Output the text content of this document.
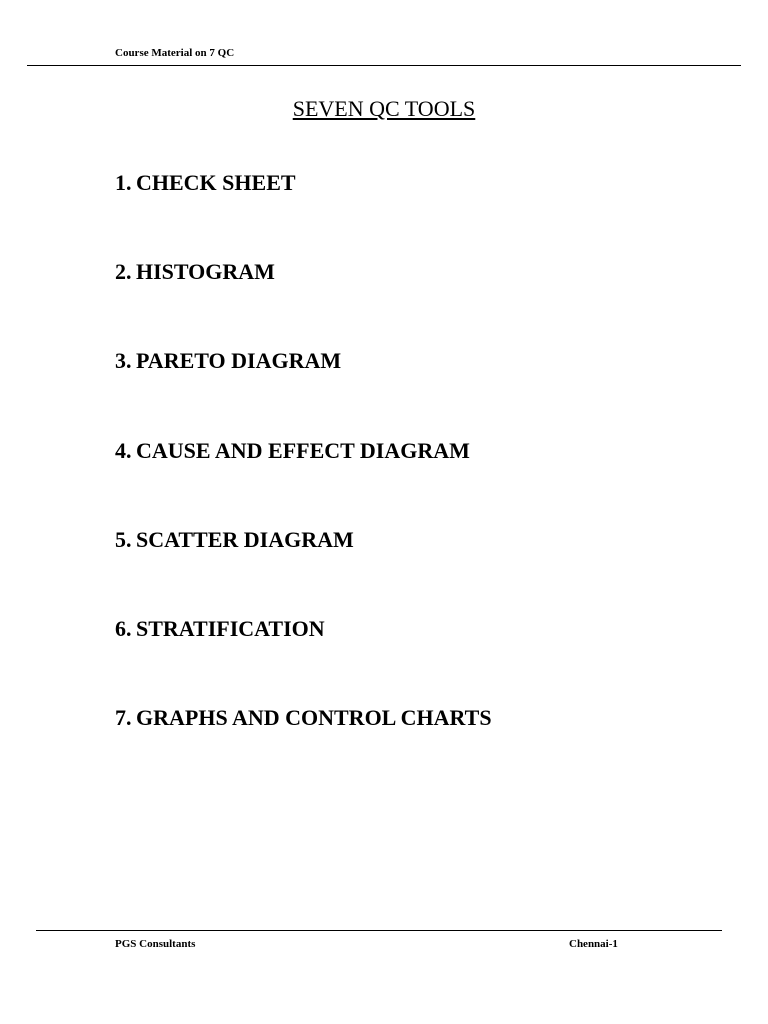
Course Material on 7 QC
SEVEN QC TOOLS
1. CHECK SHEET
2. HISTOGRAM
3. PARETO DIAGRAM
4. CAUSE AND EFFECT DIAGRAM
5. SCATTER DIAGRAM
6. STRATIFICATION
7. GRAPHS AND CONTROL CHARTS
PGS Consultants	Chennai-1
